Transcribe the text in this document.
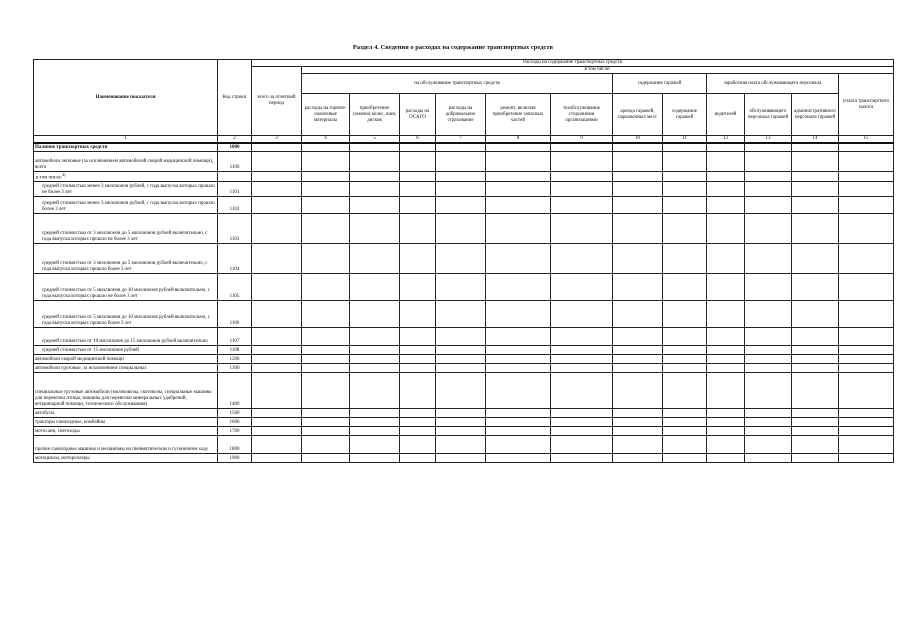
Раздел 4. Сведения о расходах на содержание транспортных средств
Наименование показателя	Код строки	Расходы на содержание транспортных средств												
		всего за отчетный период	в том числе:											
			на обслуживание транспортных средств						содержание гаражей		заработная плата обслуживающего персонала			уплата транспортного налога
			расходы на горюче-смазочные материалы	приобретение (замена) колес, шин, дисков	расходы на ОСАГО	расходы на добровольное страхование	ремонт, включая приобретение запасных частей	техобслуживание сторонними организациями	аренда гаражей, парковочных мест	содержание гаражей	водителей	обслуживающего персонала гаражей	административного персонала гаражей	

1	2	3	4	5	6	7	8	9	10	11	12	13	14	15
Наличие транспортных средств	1000													
автомобили легковые (за исключением автомобилей скорой медицинской помощи), всего	1100													
в том числе:$^{4)}$														
средней стоимостью менее 3 миллионов рублей, с года выпуска которых прошло не более 3 лет	1101													
средней стоимостью менее 3 миллионов рублей, с года выпуска которых прошло более 3 лет	1102													
средней стоимостью от 3 миллионов до 5 миллионов рублей включительно, с года выпуска которых прошло не более 3 лет	1103													
средней стоимостью от 3 миллионов до 5 миллионов рублей включительно, с года выпуска которых прошло более 3 лет	1104													
средней стоимостью от 5 миллионов до 10 миллионов рублей включительно, с года выпуска которых прошло не более 3 лет	1105													
средней стоимостью от 5 миллионов до 10 миллионов рублей включительно, с года выпуска которых прошло более 3 лет	1106													
средней стоимостью от 10 миллионов до 15 миллионов рублей включительно	1107													
средней стоимостью от 15 миллионов рублей	1108													
автомобили скорой медицинской помощи	1200													
автомобили грузовые, за исключением специальных	1300													
специальные грузовые автомобили (молоковозы, скотовозы, специальные машины для перевозки птицы, машины для перевозки минеральных удобрений, ветеринарной помощи, технического обслуживания)	1400													
автобусы	1500													
тракторы самоходные, комбайны	1600													
мотосани, снегоходы	1700													
прочие самоходные машины и механизмы на пневматическом и гусеничном ходу	1800													
мотоциклы, мотороллеры	1900													
